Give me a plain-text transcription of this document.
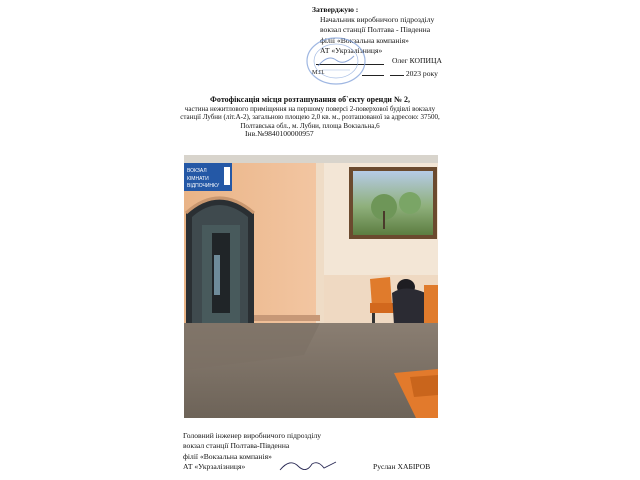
Затверджую :
Начальник виробничого підрозділу
вокзал станції Полтава - Південна
філії «Вокзальна компанія»
АТ «Укрзалізниця»
Олег КОПИЦА
М.П.	2023 року
Фотофіксація місця розташування об`єкту оренди № 2,
частина нежитлового приміщення на першому поверсі 2-поверхової будівлі вокзалу
станції Лубни (літ.А-2), загальною площею 2,0 кв. м., розташованої за адресою: 37500,
Полтавська обл., м. Лубни, площа Вокзальна,6
Інв.№9840100000957
ВОКЗАЛ
КІМНАТИ
ВІДПОЧИНКУ
Головний інженер виробничого підрозділу
вокзал станції Полтава-Південна
філії «Вокзальна компанія»
АТ «Укрзалізниця»	Руслан ХАБІРОВ
